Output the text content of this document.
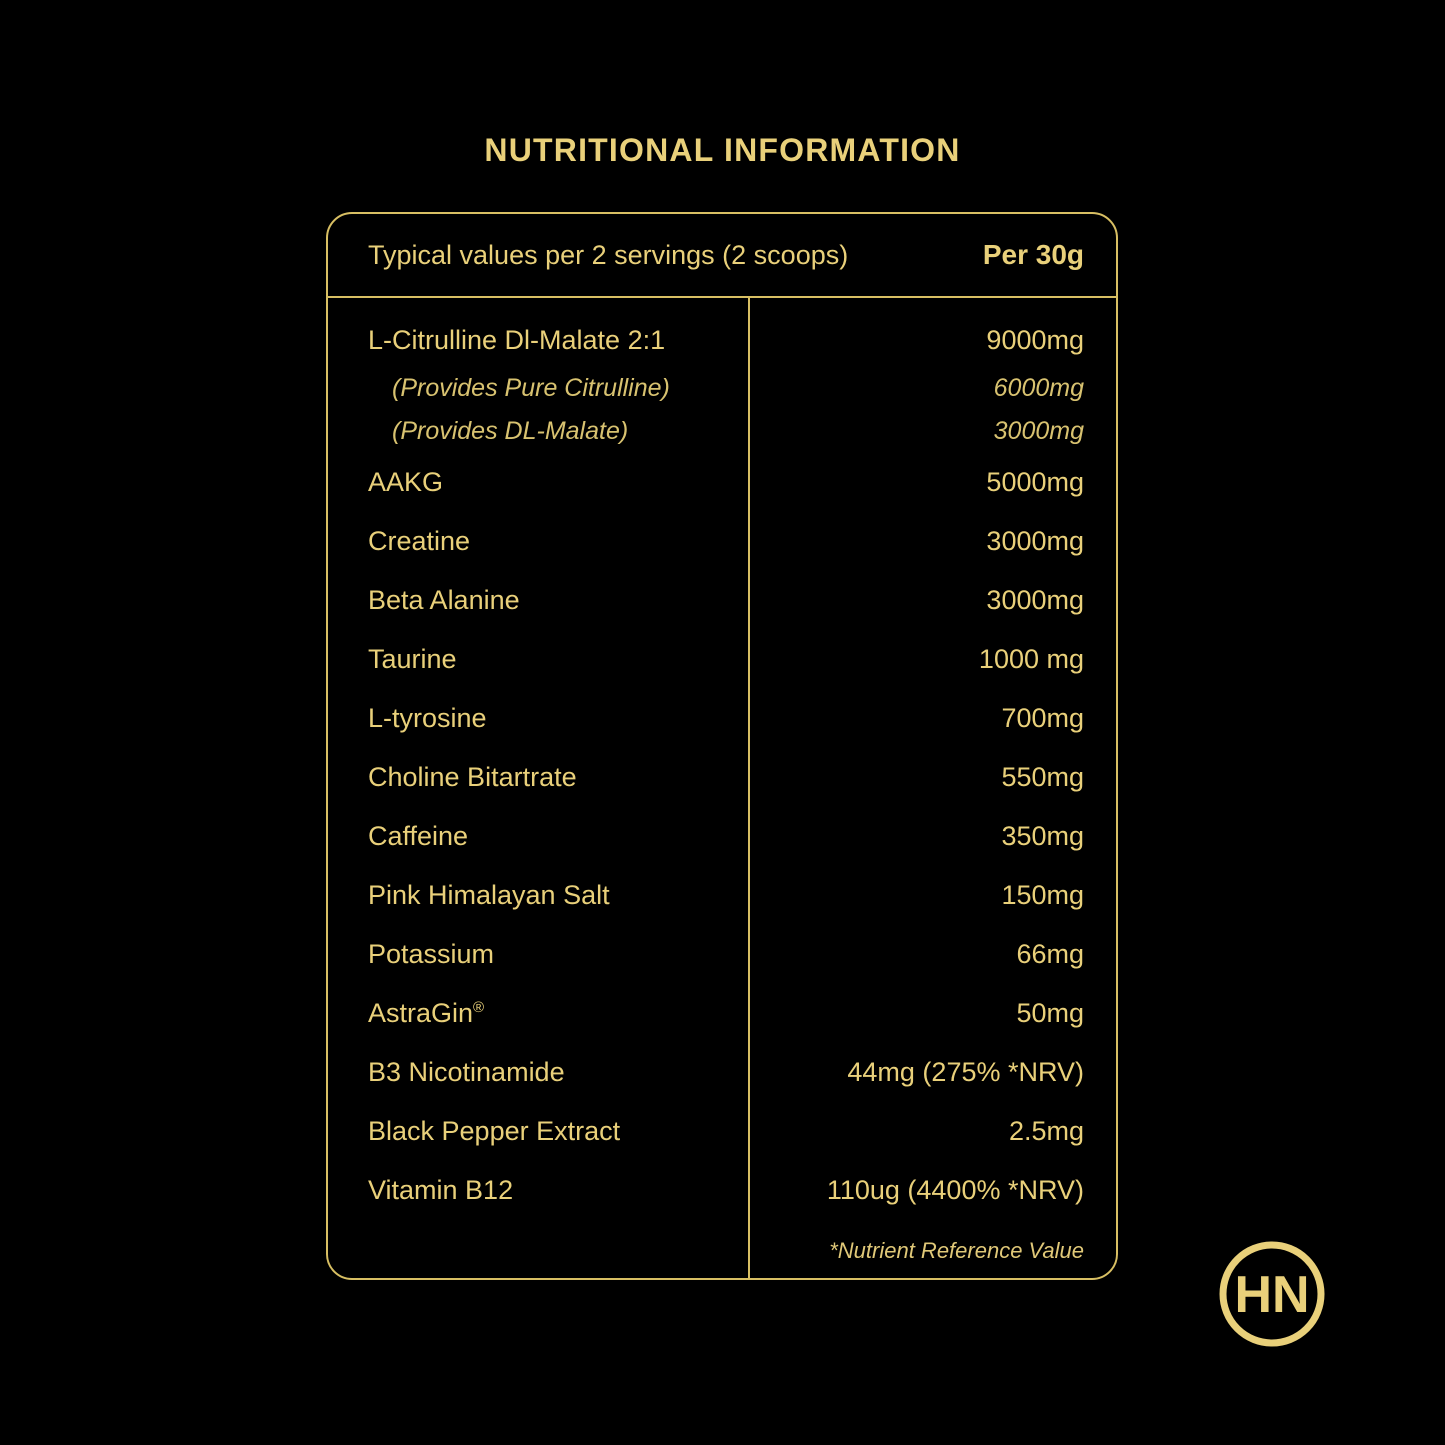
NUTRITIONAL INFORMATION
Typical values per 2 servings (2 scoops)	Per 30g
L-Citrulline Dl-Malate 2:1	9000mg
(Provides Pure Citrulline)	6000mg
(Provides DL-Malate)	3000mg
AAKG	5000mg
Creatine	3000mg
Beta Alanine	3000mg
Taurine	1000 mg
L-tyrosine	700mg
Choline Bitartrate	550mg
Caffeine	350mg
Pink Himalayan Salt	150mg
Potassium	66mg
AstraGin®	50mg
B3 Nicotinamide	44mg (275% *NRV)
Black Pepper Extract	2.5mg
Vitamin B12	110ug (4400% *NRV)
*Nutrient Reference Value
HN
